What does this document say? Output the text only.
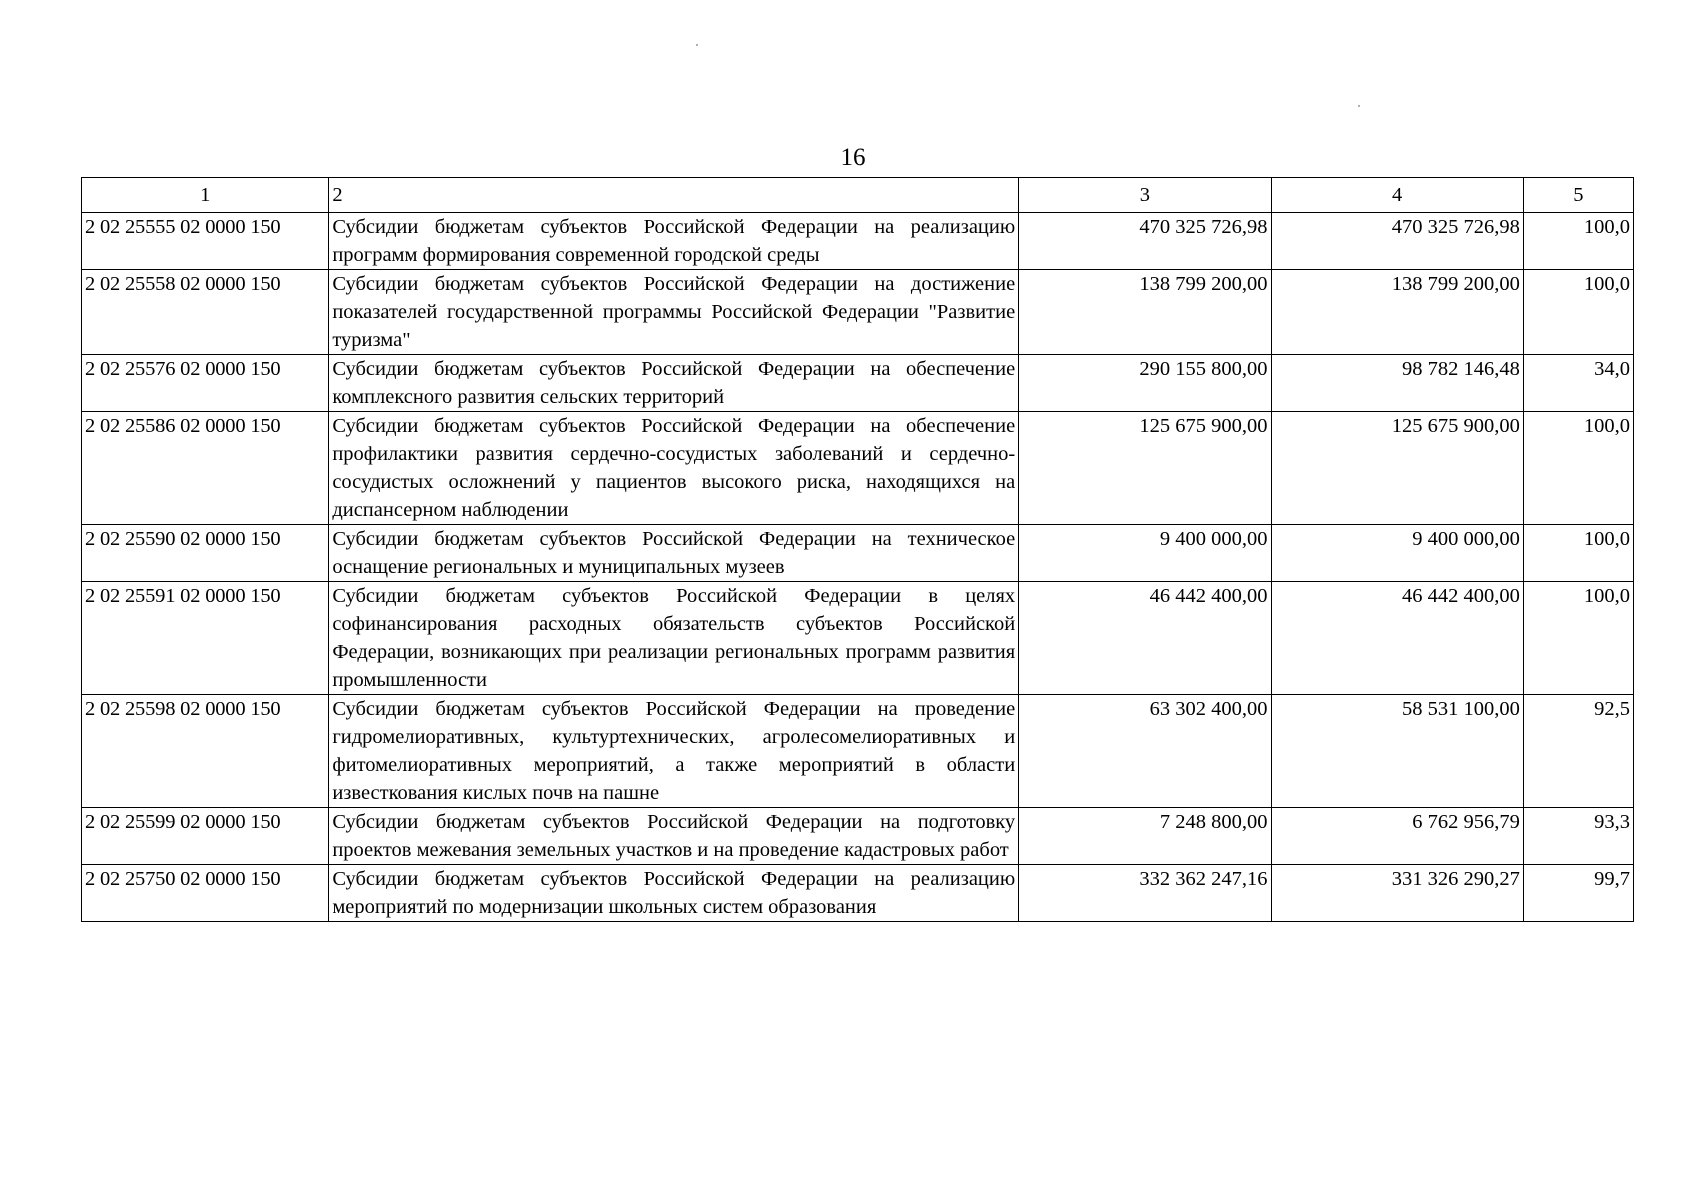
16
1	2	3	4	5
2 02 25555 02 0000 150	Субсидии бюджетам субъектов Российской Федерации на реализацию программ формирования современной городской среды	470 325 726,98	470 325 726,98	100,0
2 02 25558 02 0000 150	Субсидии бюджетам субъектов Российской Федерации на достижение показателей государственной программы Российской Федерации "Развитие туризма"	138 799 200,00	138 799 200,00	100,0
2 02 25576 02 0000 150	Субсидии бюджетам субъектов Российской Федерации на обеспечение комплексного развития сельских территорий	290 155 800,00	98 782 146,48	34,0
2 02 25586 02 0000 150	Субсидии бюджетам субъектов Российской Федерации на обеспечение профилактики развития сердечно-сосудистых заболеваний и сердечно-сосудистых осложнений у пациентов высокого риска, находящихся на диспансерном наблюдении	125 675 900,00	125 675 900,00	100,0
2 02 25590 02 0000 150	Субсидии бюджетам субъектов Российской Федерации на техническое оснащение региональных и муниципальных музеев	9 400 000,00	9 400 000,00	100,0
2 02 25591 02 0000 150	Субсидии бюджетам субъектов Российской Федерации в целях софинансирования расходных обязательств субъектов Российской Федерации, возникающих при реализации региональных программ развития промышленности	46 442 400,00	46 442 400,00	100,0
2 02 25598 02 0000 150	Субсидии бюджетам субъектов Российской Федерации на проведение гидромелиоративных, культуртехнических, агролесомелиоративных и фитомелиоративных мероприятий, а также мероприятий в области известкования кислых почв на пашне	63 302 400,00	58 531 100,00	92,5
2 02 25599 02 0000 150	Субсидии бюджетам субъектов Российской Федерации на подготовку проектов межевания земельных участков и на проведение кадастровых работ	7 248 800,00	6 762 956,79	93,3
2 02 25750 02 0000 150	Субсидии бюджетам субъектов Российской Федерации на реализацию мероприятий по модернизации школьных систем образования	332 362 247,16	331 326 290,27	99,7
